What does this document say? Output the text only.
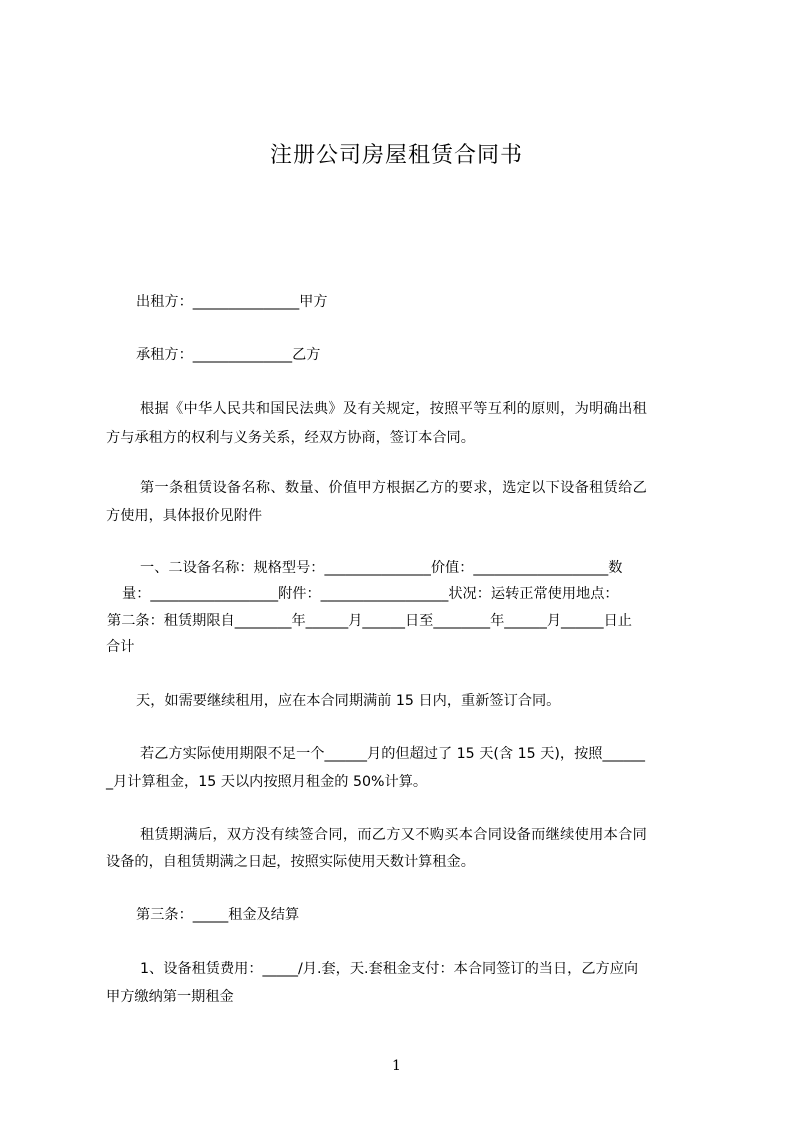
注册公司房屋租赁合同书
出租方：_______________甲方
承租方：______________乙方
根据《中华人民共和国民法典》及有关规定，按照平等互利的原则，为明确出租
方与承租方的权利与义务关系，经双方协商，签订本合同。
第一条租赁设备名称、数量、价值甲方根据乙方的要求，选定以下设备租赁给乙
方使用，具体报价见附件
一、二设备名称：规格型号：_______________价值：___________________数
量：__________________附件：__________________状况：运转正常使用地点：
第二条：租赁期限自________年______月______日至________年______月______日止
合计
天，如需要继续租用，应在本合同期满前 15 日内，重新签订合同。
若乙方实际使用期限不足一个______月的但超过了 15 天(含 15 天)，按照______
_月计算租金，15 天以内按照月租金的 50%计算。
租赁期满后，双方没有续签合同，而乙方又不购买本合同设备而继续使用本合同
设备的，自租赁期满之日起，按照实际使用天数计算租金。
第三条：_____租金及结算
1、设备租赁费用：_____/月.套，天.套租金支付：本合同签订的当日，乙方应向
甲方缴纳第一期租金
1
